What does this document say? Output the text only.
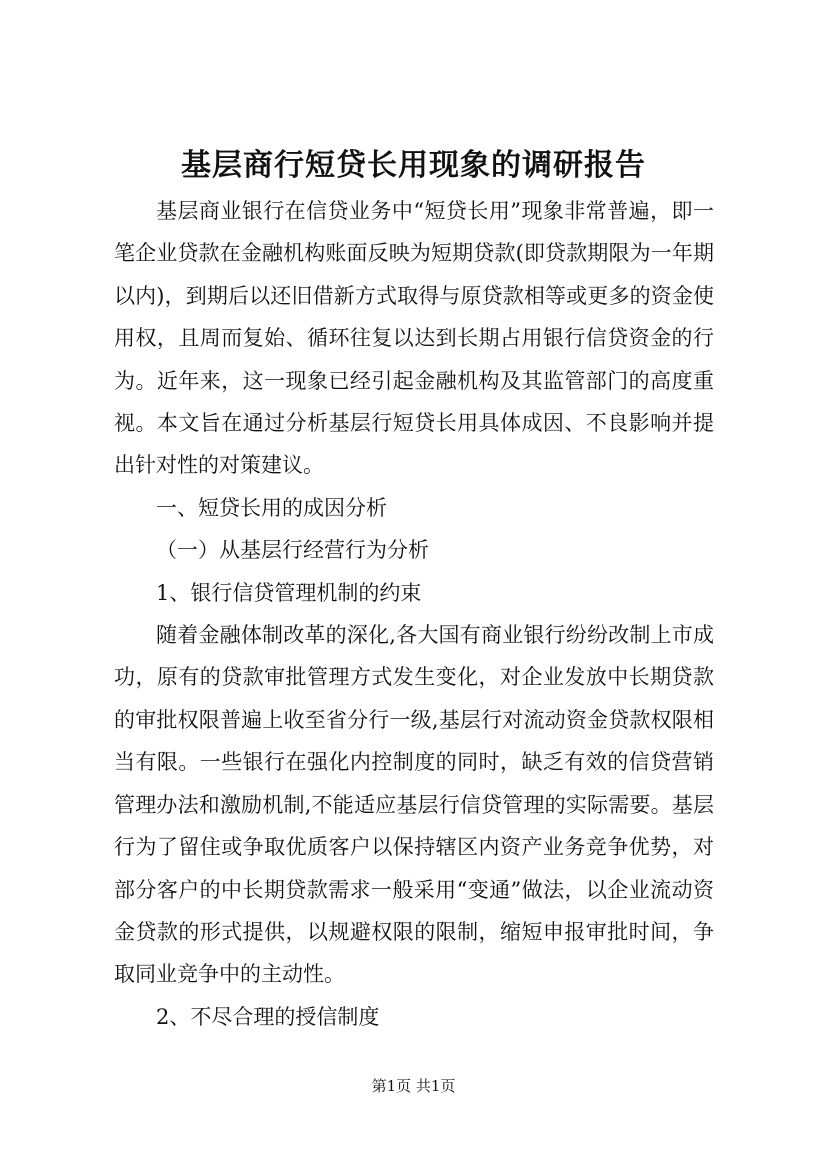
基层商行短贷长用现象的调研报告

基层商业银行在信贷业务中“短贷长用”现象非常普遍，即一笔企业贷款在金融机构账面反映为短期贷款(即贷款期限为一年期以内)，到期后以还旧借新方式取得与原贷款相等或更多的资金使用权，且周而复始、循环往复以达到长期占用银行信贷资金的行为。近年来，这一现象已经引起金融机构及其监管部门的高度重视。本文旨在通过分析基层行短贷长用具体成因、不良影响并提出针对性的对策建议。

一、短贷长用的成因分析

（一）从基层行经营行为分析

1、银行信贷管理机制的约束

随着金融体制改革的深化,各大国有商业银行纷纷改制上市成功，原有的贷款审批管理方式发生变化，对企业发放中长期贷款的审批权限普遍上收至省分行一级,基层行对流动资金贷款权限相当有限。一些银行在强化内控制度的同时，缺乏有效的信贷营销管理办法和激励机制,不能适应基层行信贷管理的实际需要。基层行为了留住或争取优质客户以保持辖区内资产业务竞争优势，对部分客户的中长期贷款需求一般采用“变通”做法，以企业流动资金贷款的形式提供，以规避权限的限制，缩短申报审批时间，争取同业竞争中的主动性。

2、不尽合理的授信制度

第1页 共1页
